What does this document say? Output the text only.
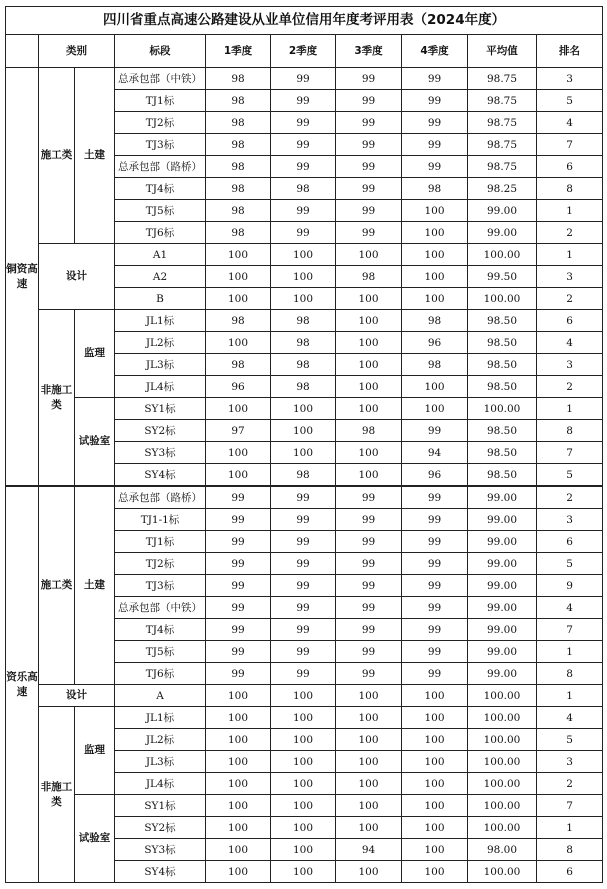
四川省重点高速公路建设从业单位信用年度考评用表（2024年度）									
	类别		标段	1季度	2季度	3季度	4季度	平均值	排名
铜资高速	施工类	土建	总承包部（中铁）	98	99	99	99	98.75	3
			TJ1标	98	99	99	99	98.75	5
			TJ2标	98	99	99	99	98.75	4
			TJ3标	98	99	99	99	98.75	7
			总承包部（路桥）	98	99	99	99	98.75	6
			TJ4标	98	98	99	98	98.25	8
			TJ5标	98	99	99	100	99.00	1
			TJ6标	98	99	99	100	99.00	2
	设计		A1	100	100	100	100	100.00	1
			A2	100	100	98	100	99.50	3
			B	100	100	100	100	100.00	2
	非施工类	监理	JL1标	98	98	100	98	98.50	6
			JL2标	100	98	100	96	98.50	4
			JL3标	98	98	100	98	98.50	3
			JL4标	96	98	100	100	98.50	2
		试验室	SY1标	100	100	100	100	100.00	1
			SY2标	97	100	98	99	98.50	8
			SY3标	100	100	100	94	98.50	7
			SY4标	100	98	100	96	98.50	5
资乐高速	施工类	土建	总承包部（路桥）	99	99	99	99	99.00	2
			TJ1-1标	99	99	99	99	99.00	3
			TJ1标	99	99	99	99	99.00	6
			TJ2标	99	99	99	99	99.00	5
			TJ3标	99	99	99	99	99.00	9
			总承包部（中铁）	99	99	99	99	99.00	4
			TJ4标	99	99	99	99	99.00	7
			TJ5标	99	99	99	99	99.00	1
			TJ6标	99	99	99	99	99.00	8
	设计		A	100	100	100	100	100.00	1
	非施工类	监理	JL1标	100	100	100	100	100.00	4
			JL2标	100	100	100	100	100.00	5
			JL3标	100	100	100	100	100.00	3
			JL4标	100	100	100	100	100.00	2
		试验室	SY1标	100	100	100	100	100.00	7
			SY2标	100	100	100	100	100.00	1
			SY3标	100	100	94	100	98.00	8
			SY4标	100	100	100	100	100.00	6
